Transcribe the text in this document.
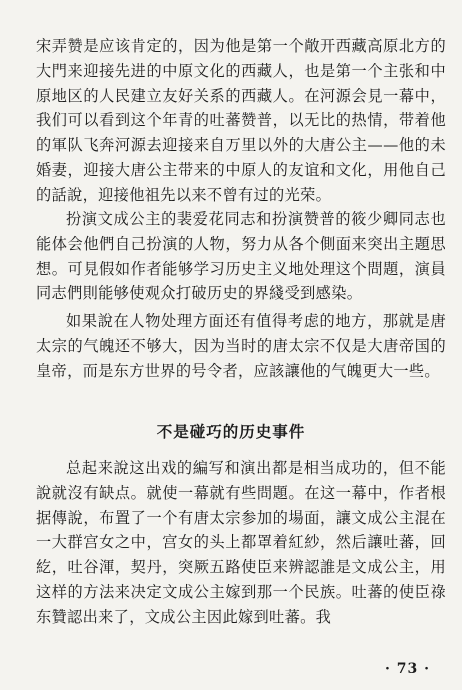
宋弄赞是应该肯定的，因为他是第一个敞开西藏高原北方的大門来迎接先进的中原文化的西藏人，也是第一个主张和中原地区的人民建立友好关系的西藏人。在河源会見一幕中，我们可以看到这个年青的吐蕃赞普，以无比的热情，带着他的軍队飞奔河源去迎接来自万里以外的大唐公主——他的未婚妻，迎接大唐公主带来的中原人的友谊和文化，用他自己的話說，迎接他祖先以来不曾有过的光荣。

扮演文成公主的裴爱花同志和扮演赞普的筱少卿同志也能体会他們自己扮演的人物，努力从各个側面来突出主題思想。可見假如作者能够学习历史主义地处理这个問題，演員同志們則能够使观众打破历史的界綫受到感染。

如果說在人物处理方面还有值得考虑的地方，那就是唐太宗的气魄还不够大，因为当时的唐太宗不仅是大唐帝国的皇帝，而是东方世界的号令者，应該讓他的气魄更大一些。

不是碰巧的历史事件

总起来說这出戏的編写和演出都是相当成功的，但不能說就沒有缺点。就使一幕就有些問題。在这一幕中，作者根据傳說，布置了一个有唐太宗参加的場面，讓文成公主混在一大群宫女之中，宫女的头上都罩着紅紗，然后讓吐蕃，回紇，吐谷渾，契丹，突厥五路使臣来辨認誰是文成公主，用这样的方法来决定文成公主嫁到那一个民族。吐蕃的使臣祿东贊認出来了，文成公主因此嫁到吐蕃。我

· 73 ·
